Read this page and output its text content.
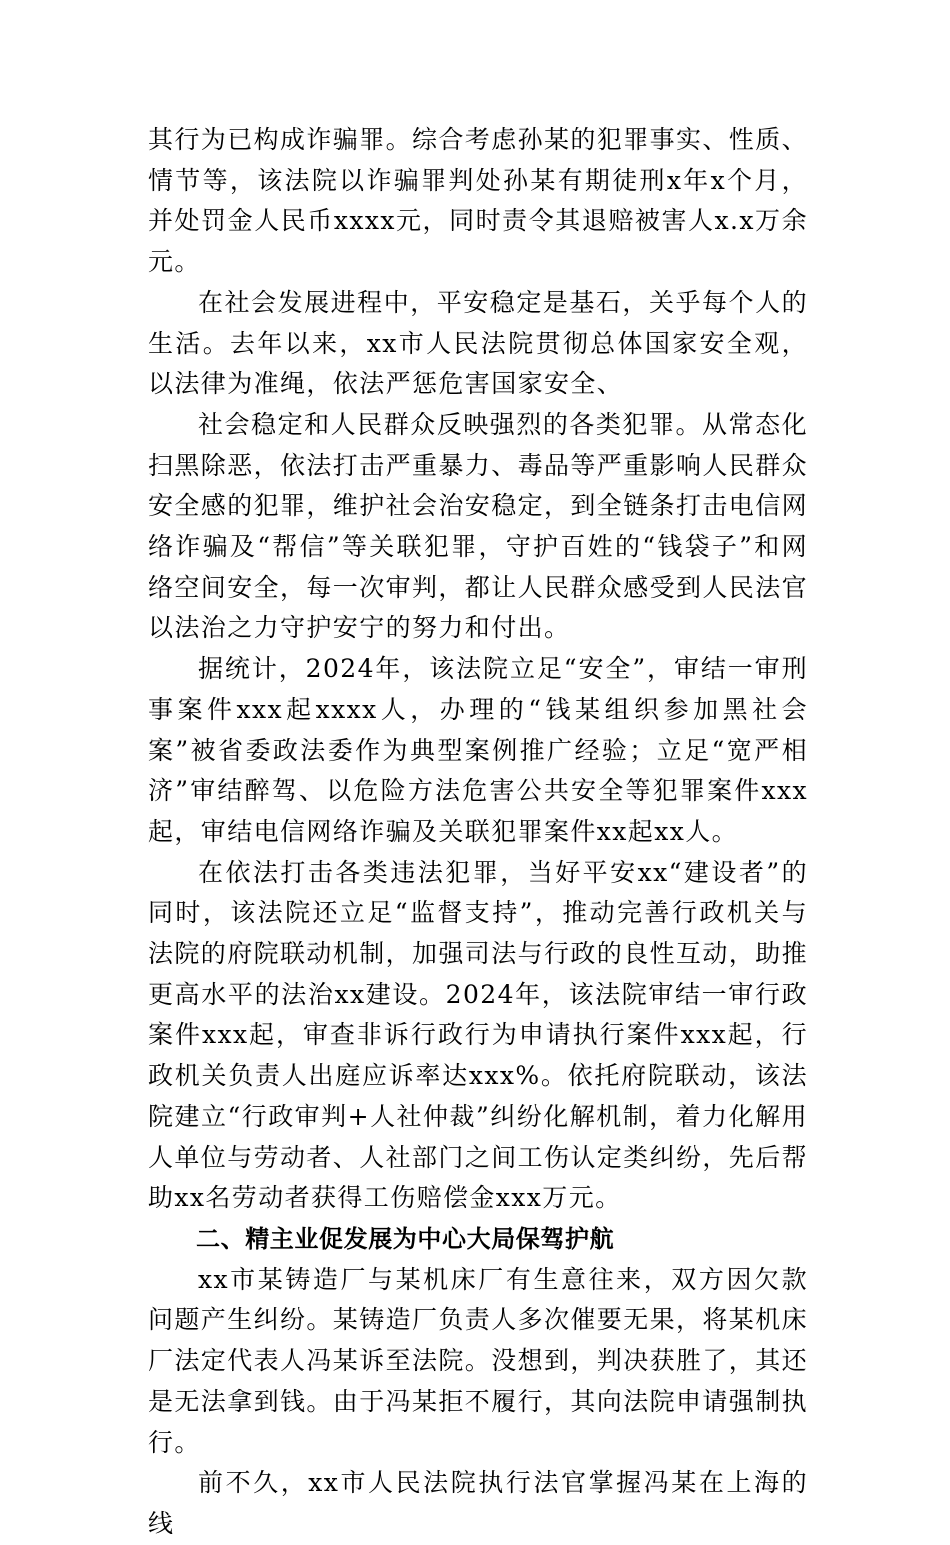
其行为已构成诈骗罪。综合考虑孙某的犯罪事实、性质、情节等，该法院以诈骗罪判处孙某有期徒刑x年x个月，并处罚金人民币xxxx元，同时责令其退赔被害人x.x万余元。

在社会发展进程中，平安稳定是基石，关乎每个人的生活。去年以来，xx市人民法院贯彻总体国家安全观，以法律为准绳，依法严惩危害国家安全、

社会稳定和人民群众反映强烈的各类犯罪。从常态化扫黑除恶，依法打击严重暴力、毒品等严重影响人民群众安全感的犯罪，维护社会治安稳定，到全链条打击电信网络诈骗及“帮信”等关联犯罪，守护百姓的“钱袋子”和网络空间安全，每一次审判，都让人民群众感受到人民法官以法治之力守护安宁的努力和付出。

据统计，2024年，该法院立足“安全”，审结一审刑事案件xxx起xxxx人，办理的“钱某组织参加黑社会案”被省委政法委作为典型案例推广经验；立足“宽严相济”审结醉驾、以危险方法危害公共安全等犯罪案件xxx起，审结电信网络诈骗及关联犯罪案件xx起xx人。

在依法打击各类违法犯罪，当好平安xx“建设者”的同时，该法院还立足“监督支持”，推动完善行政机关与法院的府院联动机制，加强司法与行政的良性互动，助推更高水平的法治xx建设。2024年，该法院审结一审行政案件xxx起，审查非诉行政行为申请执行案件xxx起，行政机关负责人出庭应诉率达xxx%。依托府院联动，该法院建立“行政审判+人社仲裁”纠纷化解机制，着力化解用人单位与劳动者、人社部门之间工伤认定类纠纷，先后帮助xx名劳动者获得工伤赔偿金xxx万元。

二、精主业促发展为中心大局保驾护航

xx市某铸造厂与某机床厂有生意往来，双方因欠款问题产生纠纷。某铸造厂负责人多次催要无果，将某机床厂法定代表人冯某诉至法院。没想到，判决获胜了，其还是无法拿到钱。由于冯某拒不履行，其向法院申请强制执行。

前不久，xx市人民法院执行法官掌握冯某在上海的线
